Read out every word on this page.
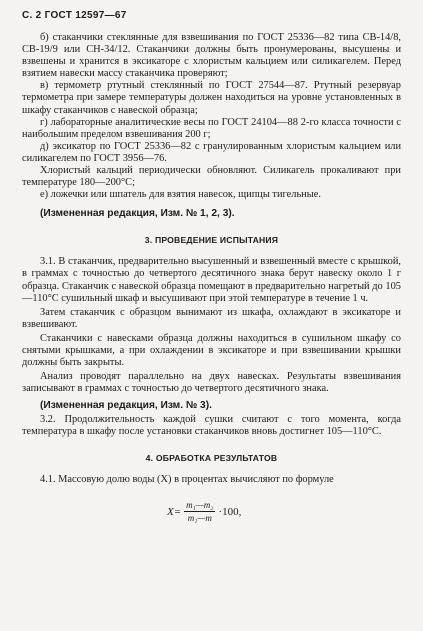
С. 2 ГОСТ 12597—67

б) стаканчики стеклянные для взвешивания по ГОСТ 25336—82 типа СВ-14/8, СВ-19/9 или СН-34/12. Стаканчики должны быть пронумерованы, высушены и взвешены и хранится в эксикаторе с хлористым кальцием или силикагелем. Перед взятием навески массу стаканчика проверяют;

в) термометр ртутный стеклянный по ГОСТ 27544—87. Ртутный резервуар термометра при замере температуры должен находиться на уровне установленных в шкафу стаканчиков с навеской образца;

г) лабораторные аналитические весы по ГОСТ 24104—88 2-го класса точности с наибольшим пределом взвешивания 200 г;

д) эксикатор по ГОСТ 25336—82 с гранулированным хлористым кальцием или силикагелем по ГОСТ 3956—76.

Хлористый кальций периодически обновляют. Силикагель прокаливают при температуре 180—200°С;

е) ложечки или шпатель для взятия навесок, щипцы тигельные.

(Измененная редакция, Изм. № 1, 2, 3).

3. ПРОВЕДЕНИЕ ИСПЫТАНИЯ

3.1. В стаканчик, предварительно высушенный и взвешенный вместе с крышкой, в граммах с точностью до четвертого десятичного знака берут навеску около 1 г образца. Стаканчик с навеской образца помещают в предварительно нагретый до 105—110°С сушильный шкаф и высушивают при этой температуре в течение 1 ч.

Затем стаканчик с образцом вынимают из шкафа, охлаждают в эксикаторе и взвешивают.

Стаканчики с навесками образца должны находиться в сушильном шкафу со снятыми крышками, а при охлаждении в эксикаторе и при взвешивании крышки должны быть закрыты.

Анализ проводят параллельно на двух навесках. Результаты взвешивания записывают в граммах с точностью до четвертого десятичного знака.

(Измененная редакция, Изм. № 3).

3.2. Продолжительность каждой сушки считают с того момента, когда температура в шкафу после установки стаканчиков вновь достигнет 105—110°С.

4. ОБРАБОТКА РЕЗУЛЬТАТОВ

4.1. Массовую долю воды (X) в процентах вычисляют по формуле

$X= \frac{\text{m₁—m₂}}{\text{m₁—m}} \cdot 100$,
